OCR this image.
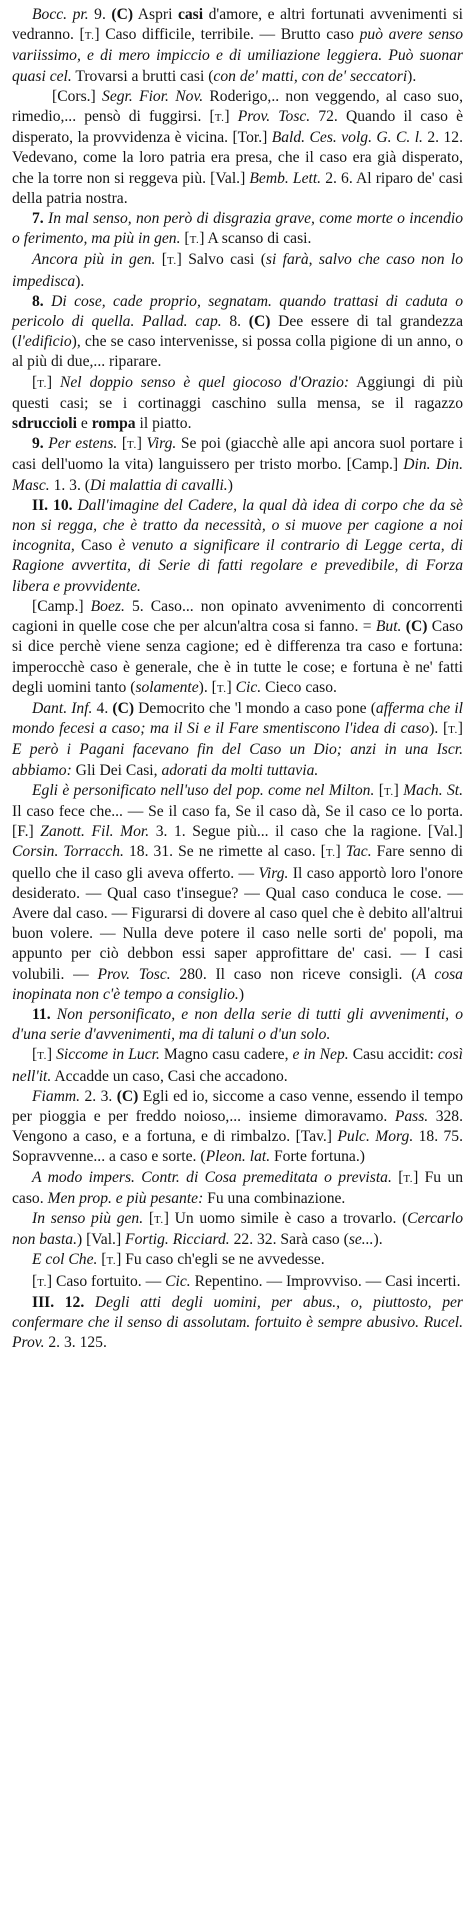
Bocc. pr. 9. (C) Aspri casi d'amore, e altri fortunati avvenimenti si vedranno. [T.] Caso difficile, terribile. — Brutto caso può avere senso variissimo, e di mero impiccio e di umiliazione leggiera. Può suonar quasi cel. Trovarsi a brutti casi (con de' matti, con de' seccatori).

[Cors.] Segr. Fior. Nov. Roderigo,.. non veggendo, al caso suo, rimedio,... pensò di fuggirsi. [T.] Prov. Tosc. 72. Quando il caso è disperato, la provvidenza è vicina. [Tor.] Bald. Ces. volg. G. C. l. 2. 12. Vedevano, come la loro patria era presa, che il caso era già disperato, che la torre non si reggeva più. [Val.] Bemb. Lett. 2. 6. Al riparo de' casi della patria nostra.

7. In mal senso, non però di disgrazia grave, come morte o incendio o ferimento, ma più in gen. [T.] A scanso di casi.

Ancora più in gen. [T.] Salvo casi (si farà, salvo che caso non lo impedisca).

8. Di cose, cade proprio, segnatam. quando trattasi di caduta o pericolo di quella. Pallad. cap. 8. (C) Dee essere di tal grandezza (l'edificio), che se caso intervenisse, si possa colla pigione di un anno, o al più di due,... riparare.

[T.] Nel doppio senso è quel giocoso d'Orazio: Aggiungi di più questi casi; se i cortinaggi caschino sulla mensa, se il ragazzo sdruccioli e rompa il piatto.

9. Per estens. [T.] Virg. Se poi (giacchè alle api ancora suol portare i casi dell'uomo la vita) languissero per tristo morbo. [Camp.] Din. Din. Masc. 1. 3. (Di malattia di cavalli.)

II. 10. Dall'imagine del Cadere, la qual dà idea di corpo che da sè non si regga, che è tratto da necessità, o si muove per cagione a noi incognita, Caso è venuto a significare il contrario di Legge certa, di Ragione avvertita, di Serie di fatti regolare e prevedibile, di Forza libera e provvidente.

[Camp.] Boez. 5. Caso... non opinato avvenimento di concorrenti cagioni in quelle cose che per alcun'altra cosa si fanno. = But. (C) Caso si dice perchè viene senza cagione; ed è differenza tra caso e fortuna: imperocchè caso è generale, che è in tutte le cose; e fortuna è ne' fatti degli uomini tanto (solamente). [T.] Cic. Cieco caso.

Dant. Inf. 4. (C) Democrito che 'l mondo a caso pone (afferma che il mondo fecesi a caso; ma il Si e il Fare smentiscono l'idea di caso). [T.] E però i Pagani facevano fin del Caso un Dio; anzi in una Iscr. abbiamo: Gli Dei Casi, adorati da molti tuttavia.

Egli è personificato nell'uso del pop. come nel Milton. [T.] Mach. St. Il caso fece che... — Se il caso fa, Se il caso dà, Se il caso ce lo porta. [F.] Zanott. Fil. Mor. 3. 1. Segue più... il caso che la ragione. [Val.] Corsin. Torracch. 18. 31. Se ne rimette al caso. [T.] Tac. Fare senno di quello che il caso gli aveva offerto. — Virg. Il caso apportò loro l'onore desiderato. — Qual caso t'insegue? — Qual caso conduca le cose. — Avere dal caso. — Figurarsi di dovere al caso quel che è debito all'altrui buon volere. — Nulla deve potere il caso nelle sorti de' popoli, ma appunto per ciò debbon essi saper approfittare de' casi. — I casi volubili. — Prov. Tosc. 280. Il caso non riceve consigli. (A cosa inopinata non c'è tempo a consiglio.)

11. Non personificato, e non della serie di tutti gli avvenimenti, o d'una serie d'avvenimenti, ma di taluni o d'un solo.

[T.] Siccome in Lucr. Magno casu cadere, e in Nep. Casu accidit: così nell'it. Accadde un caso, Casi che accadono.

Fiamm. 2. 3. (C) Egli ed io, siccome a caso venne, essendo il tempo per pioggia e per freddo noioso,... insieme dimoravamo. Pass. 328. Vengono a caso, e a fortuna, e di rimbalzo. [Tav.] Pulc. Morg. 18. 75. Sopravvenne... a caso e sorte. (Pleon. lat. Forte fortuna.)

A modo impers. Contr. di Cosa premeditata o prevista. [T.] Fu un caso. Men prop. e più pesante: Fu una combinazione.

In senso più gen. [T.] Un uomo simile è caso a trovarlo. (Cercarlo non basta.) [Val.] Fortig. Ricciard. 22. 32. Sarà caso (se...).

E col Che. [T.] Fu caso ch'egli se ne avvedesse.

[T.] Caso fortuito. — Cic. Repentino. — Improvviso. — Casi incerti.

III. 12. Degli atti degli uomini, per abus., o, piuttosto, per confermare che il senso di assolutam. fortuito è sempre abusivo. Rucel. Prov. 2. 3. 125.
